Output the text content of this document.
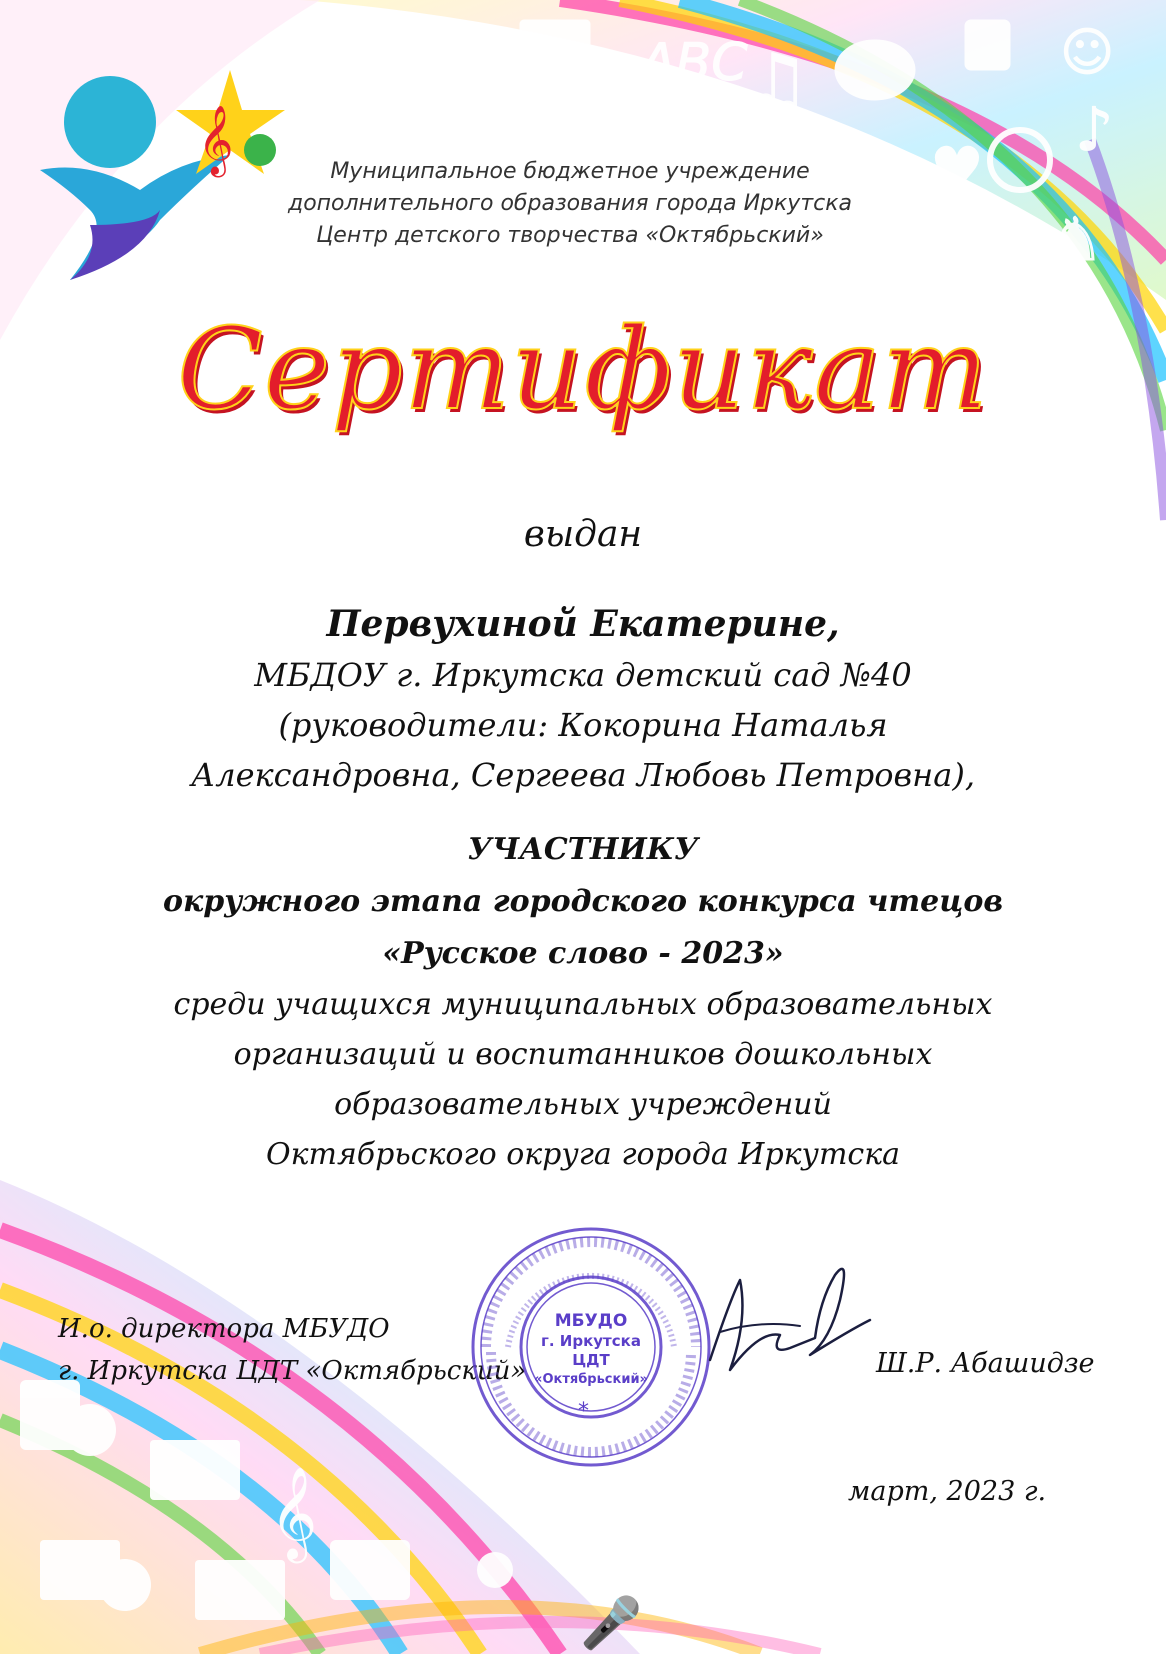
ABC
♫	☺
♪
♥
♞
𝄞	Муниципальное бюджетное учреждение
дополнительного образования города Иркутска
Центр детского творчества «Октябрьский»
Сертификат
выдан
Первухиной Екатерине,
МБДОУ г. Иркутска детский сад №40
(руководители: Кокорина Наталья
Александровна, Сергеева Любовь Петровна),
УЧАСТНИКУ
окружного этапа городского конкурса чтецов
«Русское слово - 2023»
среди учащихся муниципальных образовательных
организаций и воспитанников дошкольных
образовательных учреждений
Октябрьского округа города Иркутска
𝄞
🎤
И.о. директора МБУДО
г. Иркутска ЦДТ «Октябрьский»
МБУДО
г. Иркутска
ЦДТ
«Октябрьский»
*
Ш.Р. Абашидзе
март, 2023 г.
